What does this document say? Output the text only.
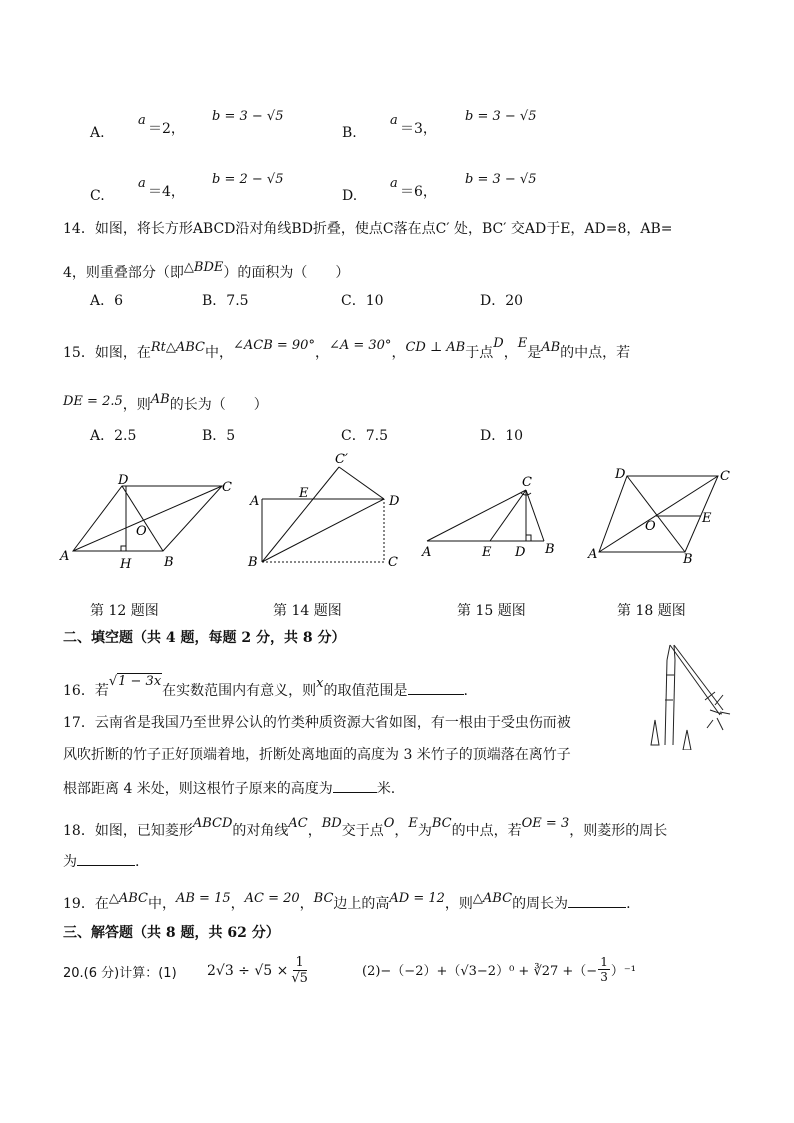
A.
a
＝2，
b = 3 − √5
B.
a
＝3，
b = 3 − √5
C.
a
＝4，
b = 2 − √5
D.
a
＝6，
b = 3 − √5
14．如图，将长方形ABCD沿对角线BD折叠，使点C落在点C′ 处，BC′ 交AD于E，AD=8，AB=
4，则重叠部分（即△BDE）的面积为（　　）
A．6	B．7.5	C．10	D．20
15．如图，在Rt△ABC中，∠ACB = 90°，∠A = 30°，CD ⊥ AB于点D，E是AB的中点，若
DE = 2.5，则AB的长为（　　）
A．2.5	B．5	C．7.5	D．10
D	C
A	B
O
H
C′
A
E
D
B	C
C
A	E D B
D	C
A	B
O
E
第 12 题图	第 14 题图	第 15 题图	第 18 题图
二、填空题（共 4 题，每题 2 分，共 8 分）
16．若√1 − 3x在实数范围内有意义，则x的取值范围是	.
17．云南省是我国乃至世界公认的竹类种质资源大省如图，有一根由于受虫伤而被
风吹折断的竹子正好顶端着地，折断处离地面的高度为 3 米竹子的顶端落在离竹子
根部距离 4 米处，则这根竹子原来的高度为	米.
18．如图，已知菱形ABCD的对角线AC，BD交于点O，E为BC的中点，若OE = 3，则菱形的周长
为	.
19．在△ABC中，AB = 15，AC = 20，BC边上的高AD = 12，则△ABC的周长为	.
三、解答题（共 8 题，共 62 分）
20.(6 分)计算：(1) $2√3 \div √5 \times \frac{1}{√5}$	(2)−（−2）+（√3−2）⁰ + ∛27 +（− $\frac{1}{3} )^{-1}$
